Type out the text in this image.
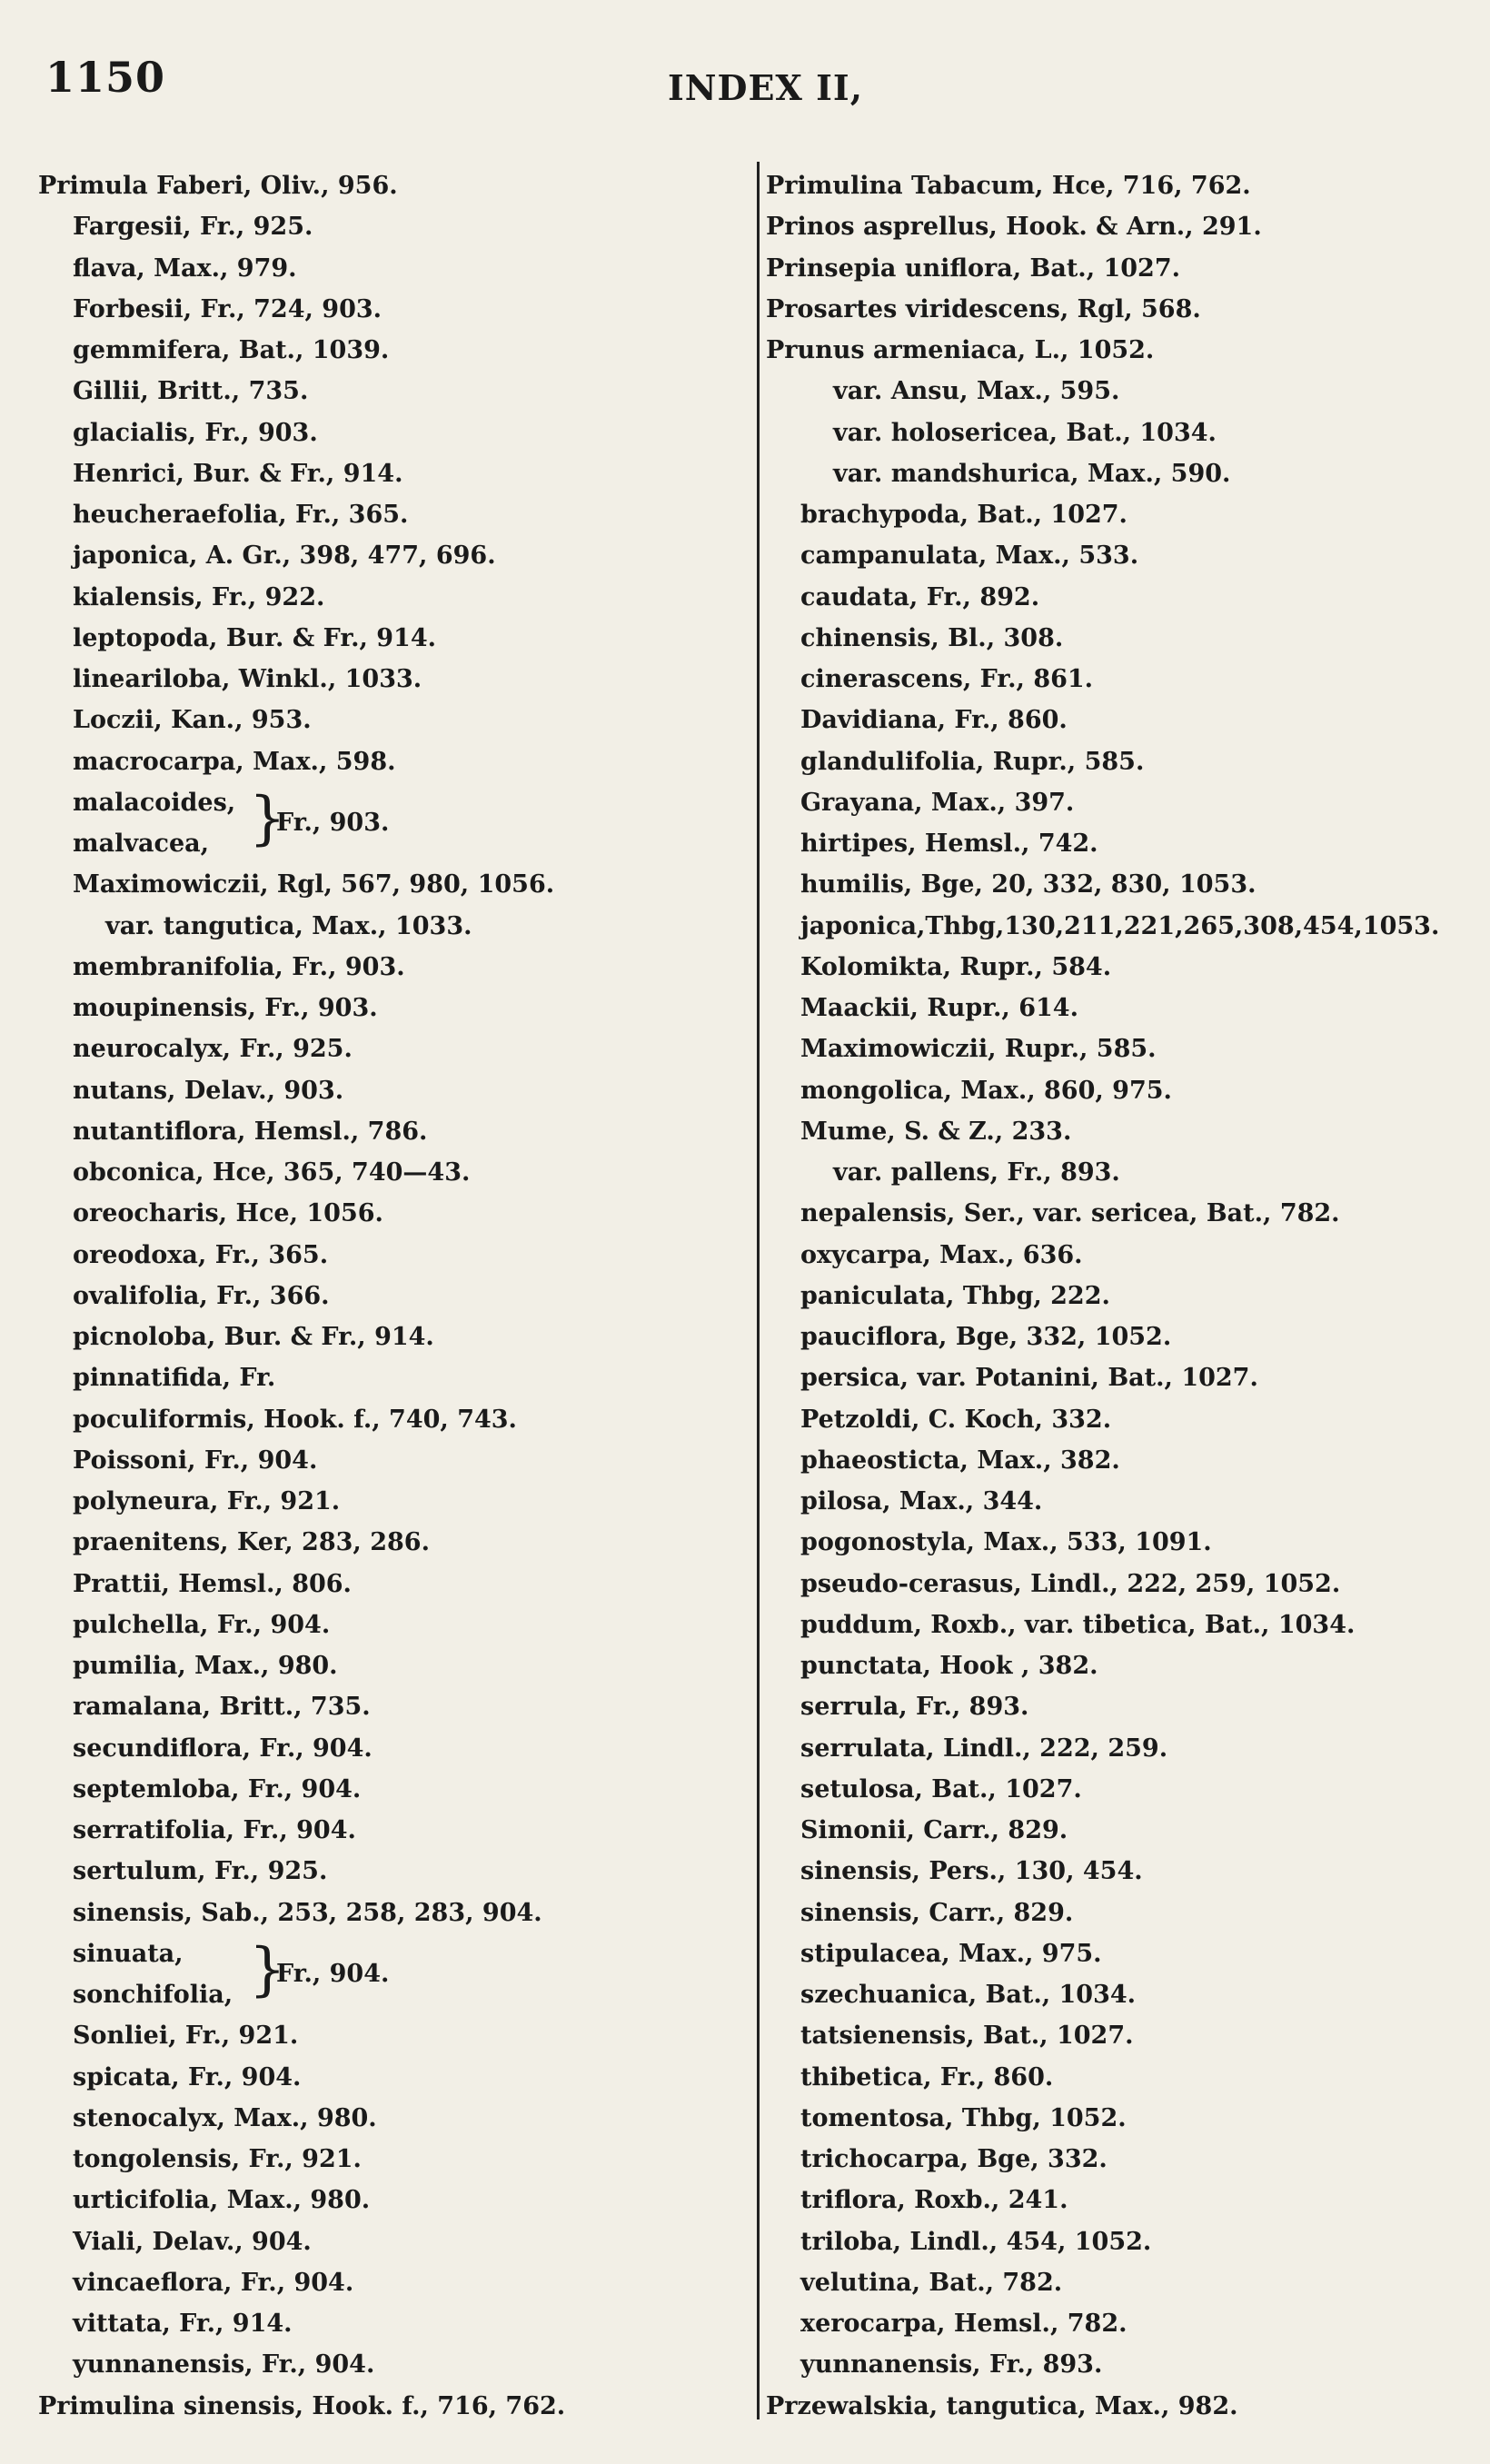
1150	INDEX II,
Primula Faberi, Oliv., 956.
Fargesii, Fr., 925.
flava, Max., 979.
Forbesii, Fr., 724, 903.
gemmifera, Bat., 1039.
Gillii, Britt., 735.
glacialis, Fr., 903.
Henrici, Bur. & Fr., 914.
heucheraefolia, Fr., 365.
japonica, A. Gr., 398, 477, 696.
kialensis, Fr., 922.
leptopoda, Bur. & Fr., 914.
lineariloba, Winkl., 1033.
Loczii, Kan., 953.
macrocarpa, Max., 598.
malacoides,
malvacea, }
Fr., 903.
Maximowiczii, Rgl, 567, 980, 1056.
var. tangutica, Max., 1033.
membranifolia, Fr., 903.
moupinensis, Fr., 903.
neurocalyx, Fr., 925.
nutans, Delav., 903.
nutantiflora, Hemsl., 786.
obconica, Hce, 365, 740—43.
oreocharis, Hce, 1056.
oreodoxa, Fr., 365.
ovalifolia, Fr., 366.
picnoloba, Bur. & Fr., 914.
pinnatifida, Fr.
poculiformis, Hook. f., 740, 743.
Poissoni, Fr., 904.
polyneura, Fr., 921.
praenitens, Ker, 283, 286.
Prattii, Hemsl., 806.
pulchella, Fr., 904.
pumilia, Max., 980.
ramalana, Britt., 735.
secundiflora, Fr., 904.
septemloba, Fr., 904.
serratifolia, Fr., 904.
sertulum, Fr., 925.
sinensis, Sab., 253, 258, 283, 904.
sinuata,
sonchifolia, }
Fr., 904.
Sonliei, Fr., 921.
spicata, Fr., 904.
stenocalyx, Max., 980.
tongolensis, Fr., 921.
urticifolia, Max., 980.
Viali, Delav., 904.
vincaeflora, Fr., 904.
vittata, Fr., 914.
yunnanensis, Fr., 904.
Primulina sinensis, Hook. f., 716, 762.
Primulina Tabacum, Hce, 716, 762.
Prinos asprellus, Hook. & Arn., 291.
Prinsepia uniflora, Bat., 1027.
Prosartes viridescens, Rgl, 568.
Prunus armeniaca, L., 1052.
var. Ansu, Max., 595.
var. holosericea, Bat., 1034.
var. mandshurica, Max., 590.
brachypoda, Bat., 1027.
campanulata, Max., 533.
caudata, Fr., 892.
chinensis, Bl., 308.
cinerascens, Fr., 861.
Davidiana, Fr., 860.
glandulifolia, Rupr., 585.
Grayana, Max., 397.
hirtipes, Hemsl., 742.
humilis, Bge, 20, 332, 830, 1053.
japonica,Thbg,130,211,221,265,308,454,1053.
Kolomikta, Rupr., 584.
Maackii, Rupr., 614.
Maximowiczii, Rupr., 585.
mongolica, Max., 860, 975.
Mume, S. & Z., 233.
var. pallens, Fr., 893.
nepalensis, Ser., var. sericea, Bat., 782.
oxycarpa, Max., 636.
paniculata, Thbg, 222.
pauciflora, Bge, 332, 1052.
persica, var. Potanini, Bat., 1027.
Petzoldi, C. Koch, 332.
phaeosticta, Max., 382.
pilosa, Max., 344.
pogonostyla, Max., 533, 1091.
pseudo-cerasus, Lindl., 222, 259, 1052.
puddum, Roxb., var. tibetica, Bat., 1034.
punctata, Hook , 382.
serrula, Fr., 893.
serrulata, Lindl., 222, 259.
setulosa, Bat., 1027.
Simonii, Carr., 829.
sinensis, Pers., 130, 454.
sinensis, Carr., 829.
stipulacea, Max., 975.
szechuanica, Bat., 1034.
tatsienensis, Bat., 1027.
thibetica, Fr., 860.
tomentosa, Thbg, 1052.
trichocarpa, Bge, 332.
triflora, Roxb., 241.
triloba, Lindl., 454, 1052.
velutina, Bat., 782.
xerocarpa, Hemsl., 782.
yunnanensis, Fr., 893.
Przewalskia, tangutica, Max., 982.
